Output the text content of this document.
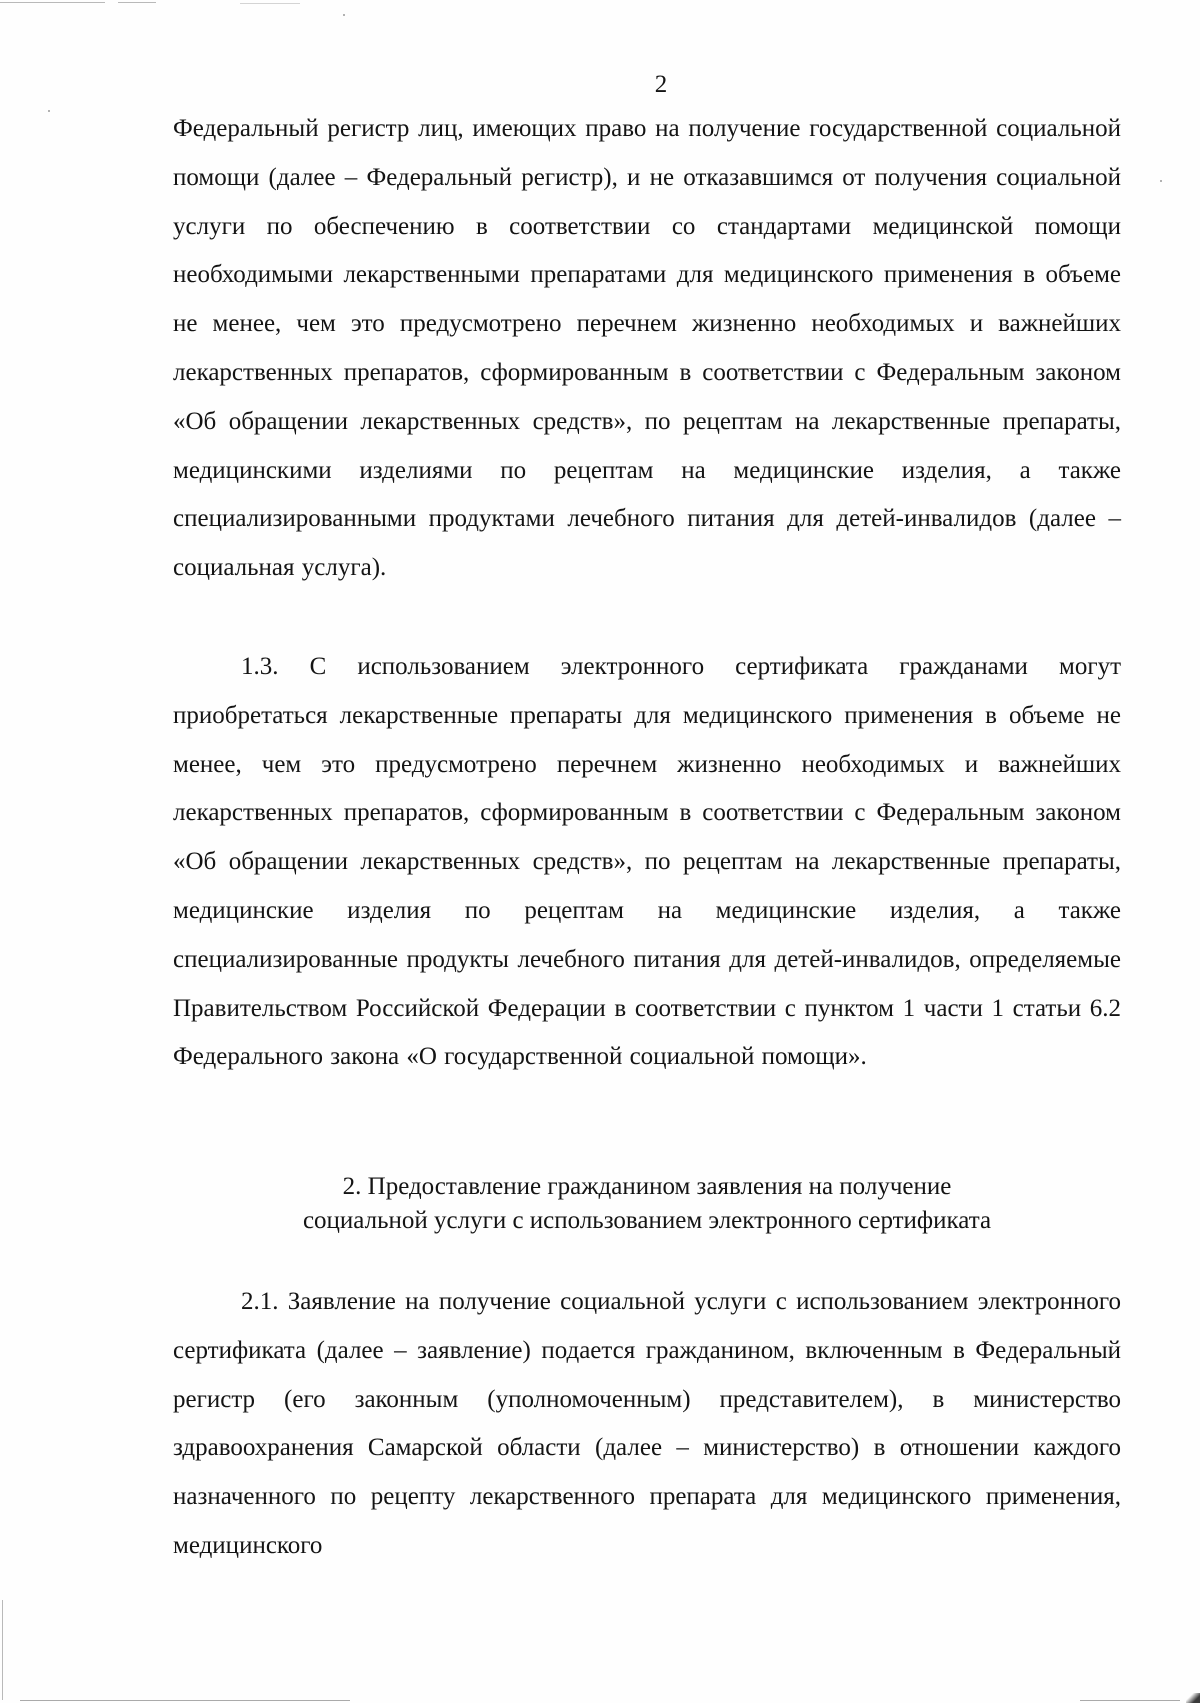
2

Федеральный регистр лиц, имеющих право на получение государственной социальной помощи (далее – Федеральный регистр), и не отказавшимся от получения социальной услуги по обеспечению в соответствии со стандартами медицинской помощи необходимыми лекарственными препаратами для медицинского применения в объеме не менее, чем это предусмотрено перечнем жизненно необходимых и важнейших лекарственных препаратов, сформированным в соответствии с Федеральным законом «Об обращении лекарственных средств», по рецептам на лекарственные препараты, медицинскими изделиями по рецептам на медицинские изделия, а также специализированными продуктами лечебного питания для детей-инвалидов (далее – социальная услуга).

1.3. С использованием электронного сертификата гражданами могут приобретаться лекарственные препараты для медицинского применения в объеме не менее, чем это предусмотрено перечнем жизненно необходимых и важнейших лекарственных препаратов, сформированным в соответствии с Федеральным законом «Об обращении лекарственных средств», по рецептам на лекарственные препараты, медицинские изделия по рецептам на медицинские изделия, а также специализированные продукты лечебного питания для детей-инвалидов, определяемые Правительством Российской Федерации в соответствии с пунктом 1 части 1 статьи 6.2 Федерального закона «О государственной социальной помощи».

2. Предоставление гражданином заявления на получение
социальной услуги с использованием электронного сертификата

2.1. Заявление на получение социальной услуги с использованием электронного сертификата (далее – заявление) подается гражданином, включенным в Федеральный регистр (его законным (уполномоченным) представителем), в министерство здравоохранения Самарской области (далее – министерство) в отношении каждого назначенного по рецепту лекарственного препарата для медицинского применения, медицинского
